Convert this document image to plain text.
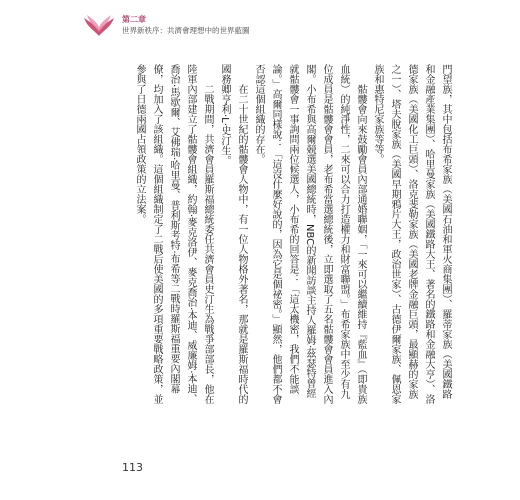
第二章
世界新秩序：共濟會理想中的世界藍圖

門望族，其中包括布希家族（美國石油和軍火商集團）、羅蒂家族（美國鐵路和金融產業集團）、哈里曼家族（美國鐵路大王、著名的鐵路和金融大亨）、洛德家族（美國化工巨頭）、洛克斐勒家族（美國老牌金融巨頭，最顯赫的家族之一）、塔夫脫家族（美國早期鴉片大王，政治世家）、古德伊爾家族、佩恩家族和惠特尼家族等等。

骷髏會向來鼓勵會員內部通婚聯姻，「一來可以繼續維持『藍血』（即貴族血統）的純淨性，二來可以合力打造權力和財富聯盟。」布希家族中至少有九位成員是骷髏會會員，老布希當選總統後，立即選取了五名骷髏會會員進入內閣。小布希與高爾競選美國總統時，NBC的新聞訪談主持人羅姆·茲瑟特曾經就骷髏會一事詢問兩位候選人，小布希的回答是：「這太機密，我們不能談論。」高爾同樣說：「這沒什麼好說的，因為它是個祕密。」顯然，他們都不會否認這個組織的存在。

在二十世紀的骷髏會人物中，有一位人物格外著名，那就是羅斯福時代的國務卿亨利·L·史汀生。

二戰期間，共濟會員羅斯福總統委任共濟會員史汀生為戰爭部部長，他在陸軍內部建立了骷髏會組織，約翰·麥克洛伊、麥克喬治·本迪、威廉姆·本迪、喬治·馬歇爾、艾佛瑞·哈里曼、普利斯考特·布希等二戰時羅斯福重要內閣幕僚，均加入了該組織。這個組織制定了二戰后使美國的多項重要戰略政策，並參與了日德兩國占領政策的立法案。

113
